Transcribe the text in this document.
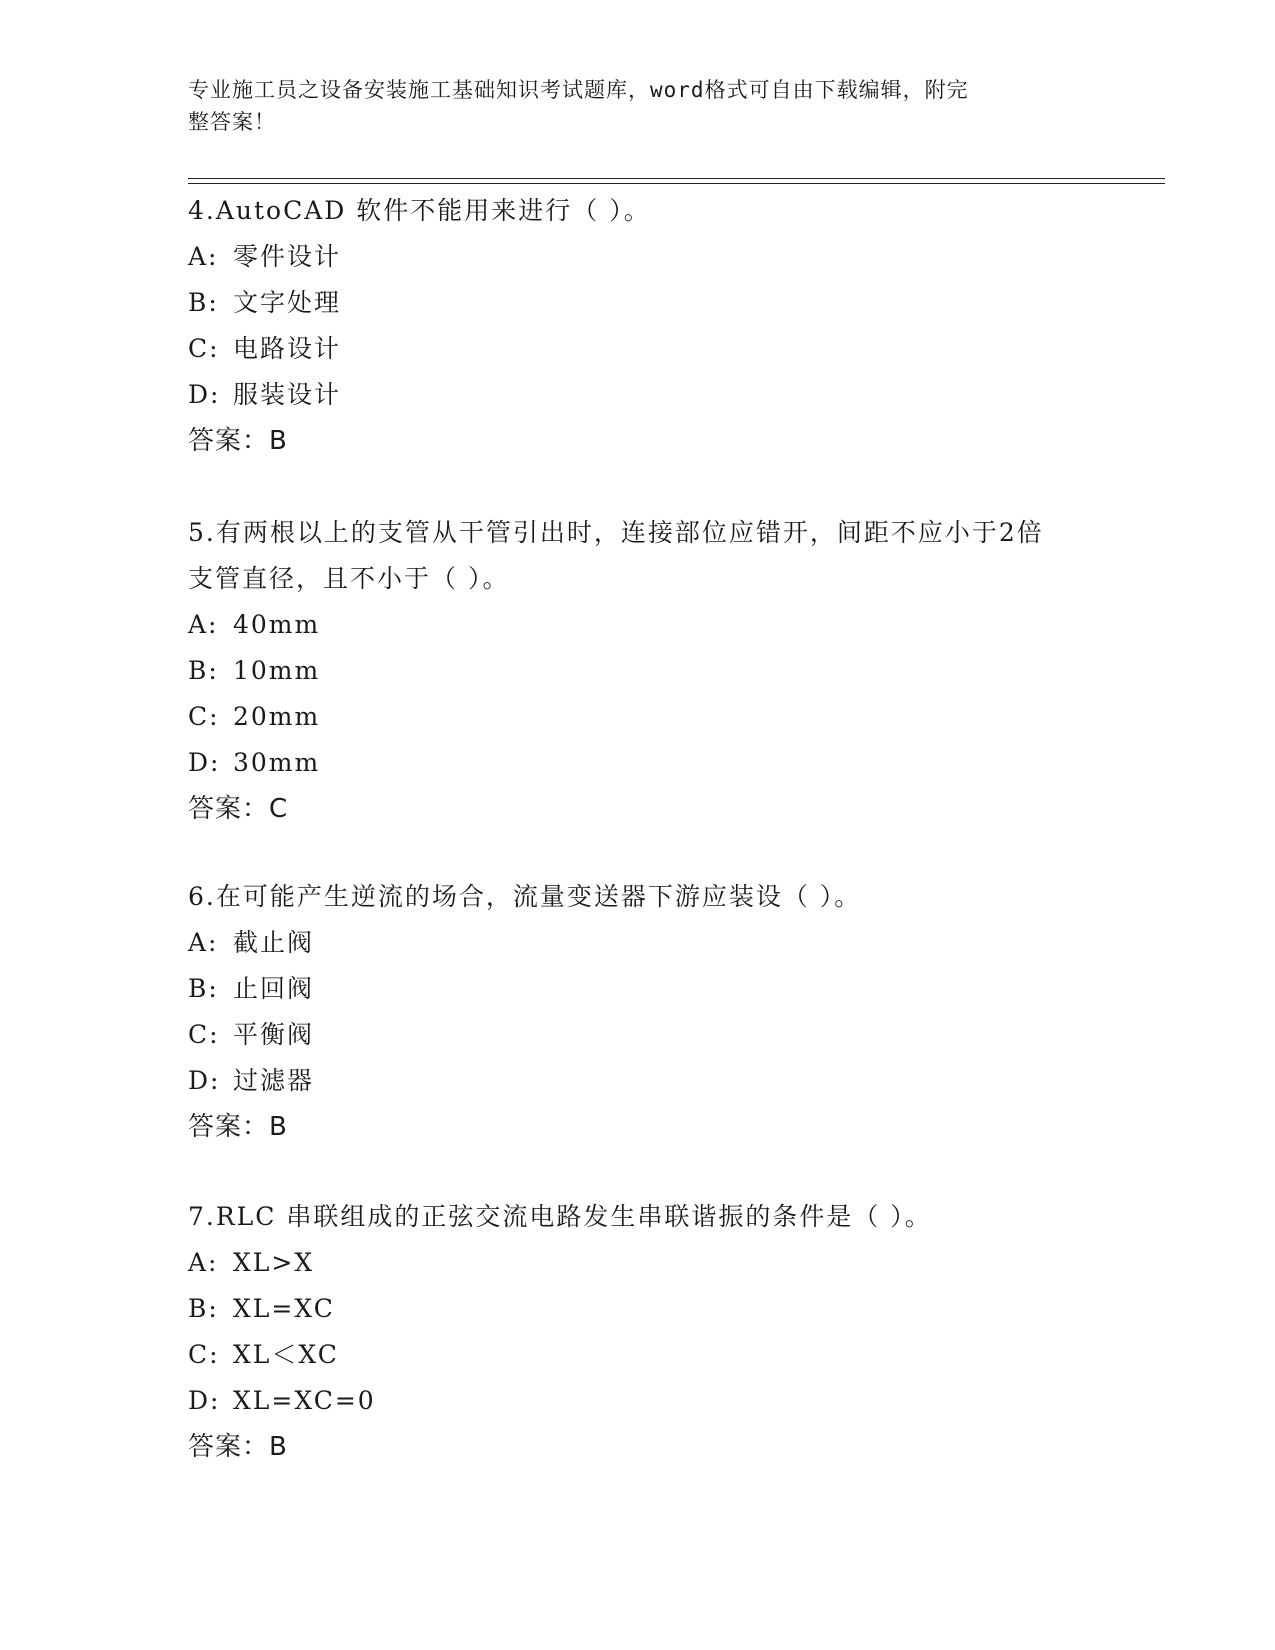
专业施工员之设备安装施工基础知识考试题库，word格式可自由下载编辑，附完
整答案！

4.AutoCAD 软件不能用来进行（ ）。

A: 零件设计

B: 文字处理

C: 电路设计

D: 服装设计

答案：B

5.有两根以上的支管从干管引出时，连接部位应错开，间距不应小于2倍支管直径，且不小于（ ）。

A: 40mm

B: 10mm

C: 20mm

D: 30mm

答案：C

6.在可能产生逆流的场合，流量变送器下游应装设（ ）。

A: 截止阀

B: 止回阀

C: 平衡阀

D: 过滤器

答案：B

7.RLC 串联组成的正弦交流电路发生串联谐振的条件是（ ）。

A: XL>X

B: XL=XC

C: XL＜XC

D: XL=XC=0

答案：B
